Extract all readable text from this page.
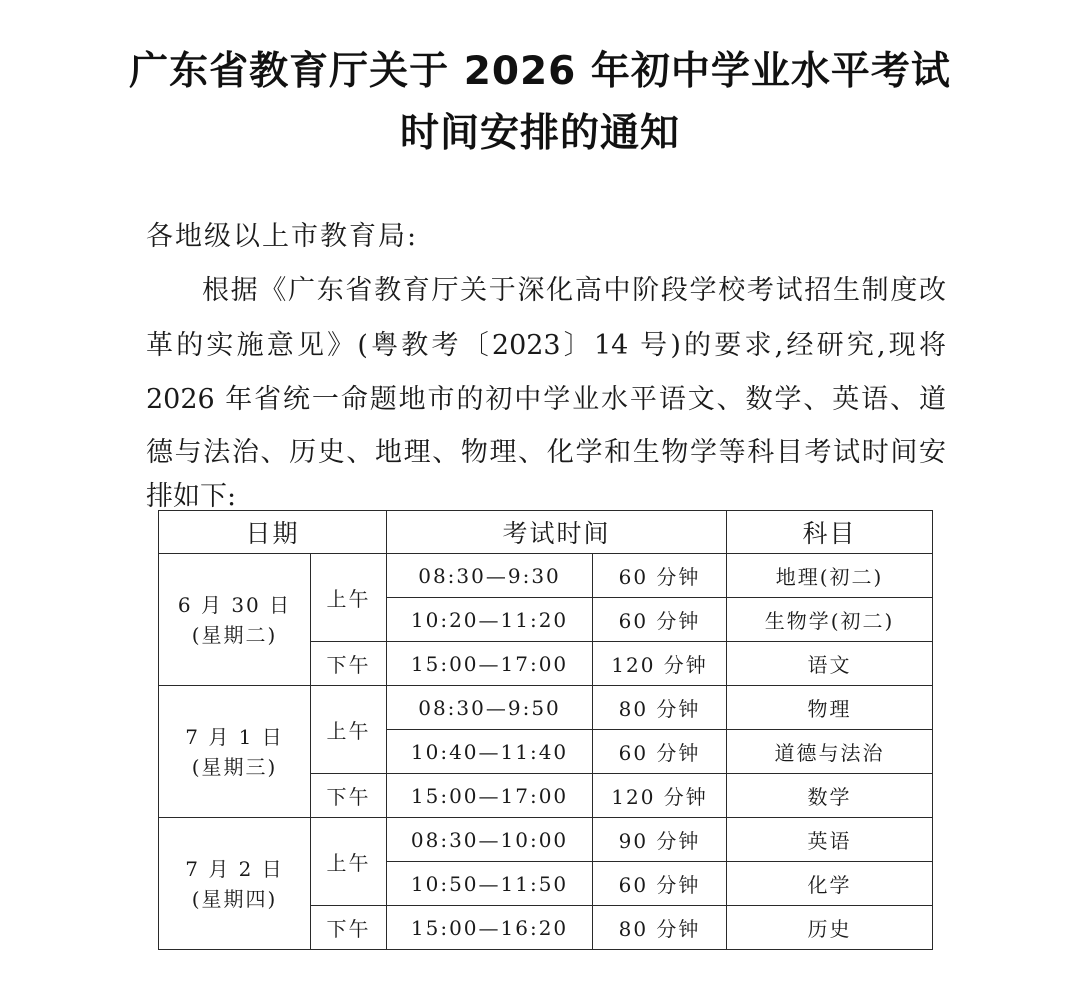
广东省教育厅关于 2026 年初中学业水平考试
时间安排的通知
各地级以上市教育局:
根据《广东省教育厅关于深化高中阶段学校考试招生制度改
革的实施意见》(粤教考〔2023〕14 号)的要求,经研究,现将
2026 年省统一命题地市的初中学业水平语文、数学、英语、道
德与法治、历史、地理、物理、化学和生物学等科目考试时间安
排如下:
日期		考试时间		科目

6 月 30 日
(星期二)	上午	08:30—9:30	60 分钟	地理(初二)
		10:20—11:20	60 分钟	生物学(初二)
	下午	15:00—17:00	120 分钟	语文

7 月 1 日
(星期三)	上午	08:30—9:50	80 分钟	物理
		10:40—11:40	60 分钟	道德与法治
	下午	15:00—17:00	120 分钟	数学

7 月 2 日
(星期四)	上午	08:30—10:00	90 分钟	英语
		10:50—11:50	60 分钟	化学
	下午	15:00—16:20	80 分钟	历史
